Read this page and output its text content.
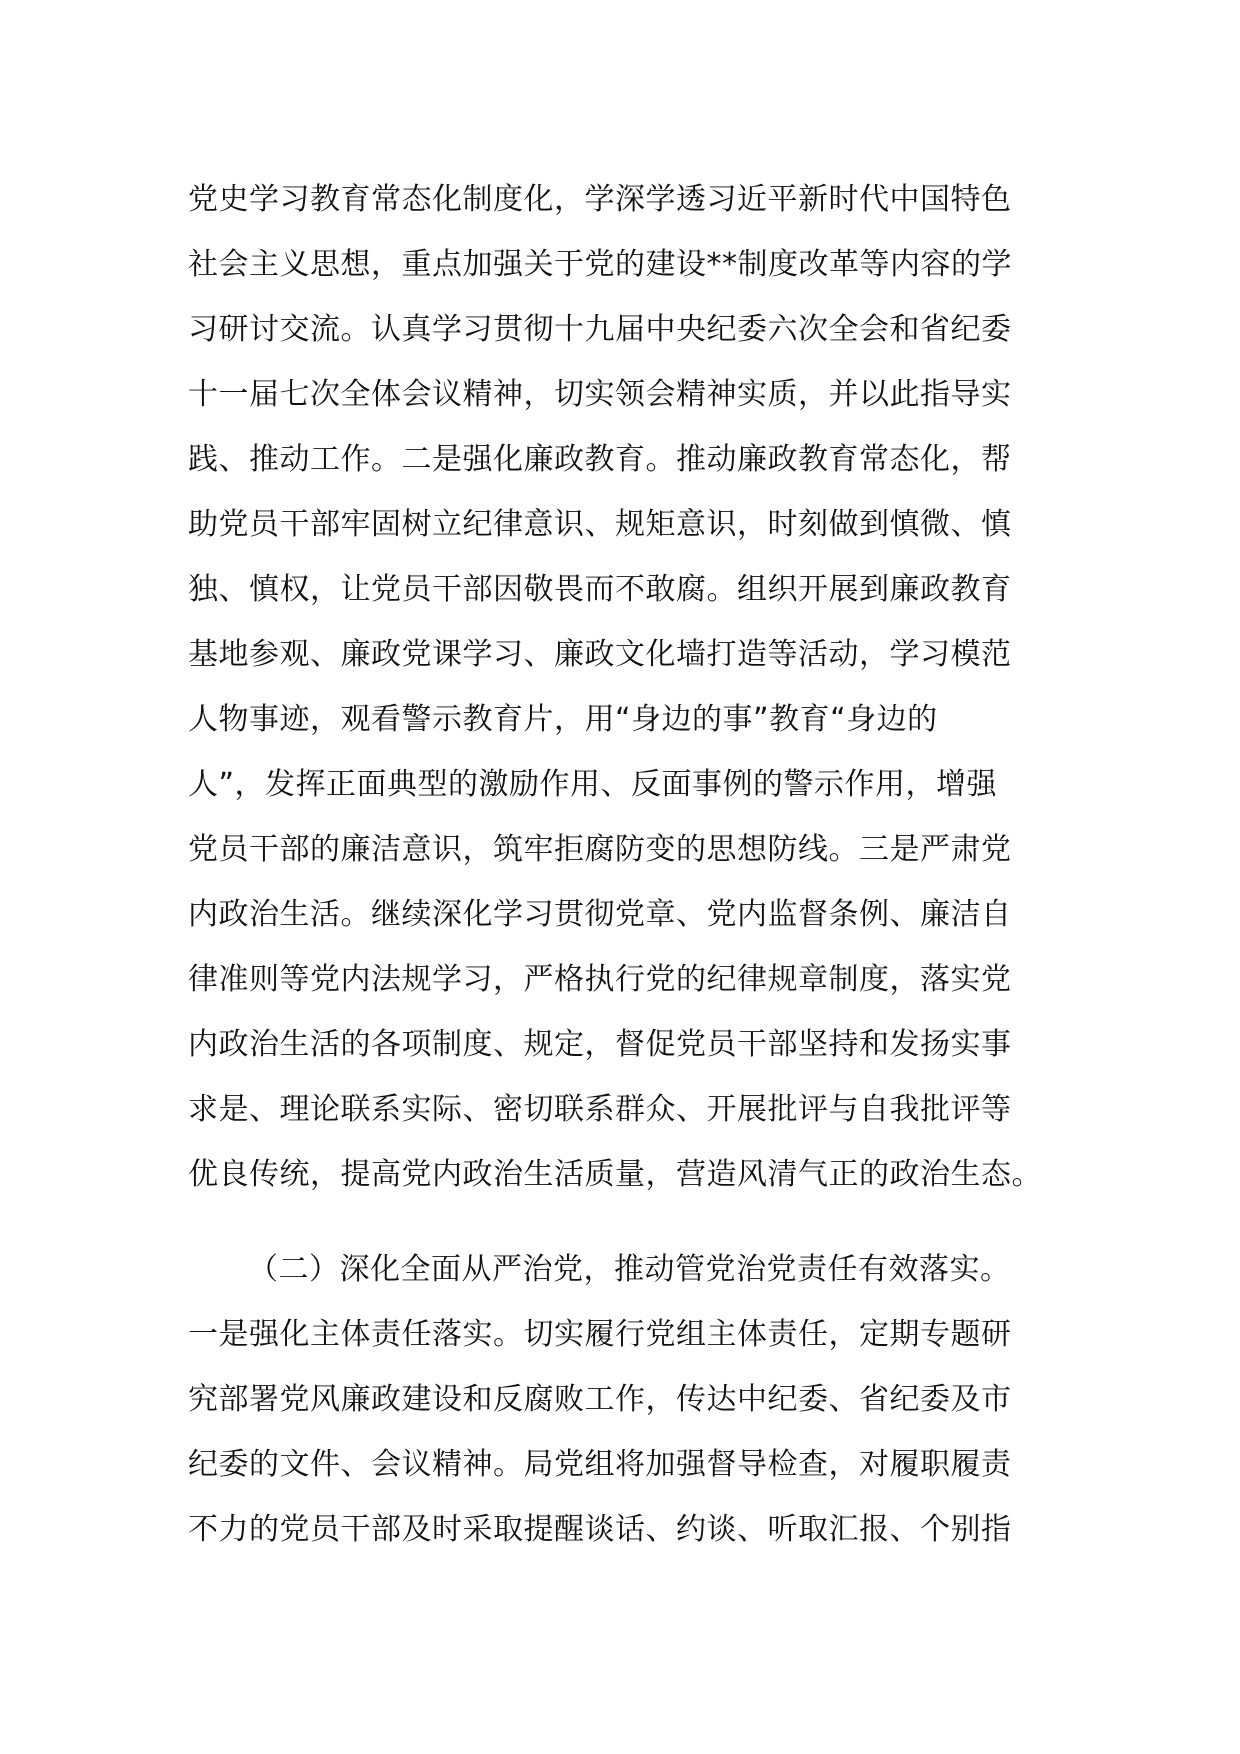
党史学习教育常态化制度化，学深学透习近平新时代中国特色
社会主义思想，重点加强关于党的建设**制度改革等内容的学
习研讨交流。认真学习贯彻十九届中央纪委六次全会和省纪委
十一届七次全体会议精神，切实领会精神实质，并以此指导实
践、推动工作。二是强化廉政教育。推动廉政教育常态化，帮
助党员干部牢固树立纪律意识、规矩意识，时刻做到慎微、慎
独、慎权，让党员干部因敬畏而不敢腐。组织开展到廉政教育
基地参观、廉政党课学习、廉政文化墙打造等活动，学习模范
人物事迹，观看警示教育片，用“身边的事”教育“身边的
人”，发挥正面典型的激励作用、反面事例的警示作用，增强
党员干部的廉洁意识，筑牢拒腐防变的思想防线。三是严肃党
内政治生活。继续深化学习贯彻党章、党内监督条例、廉洁自
律准则等党内法规学习，严格执行党的纪律规章制度，落实党
内政治生活的各项制度、规定，督促党员干部坚持和发扬实事
求是、理论联系实际、密切联系群众、开展批评与自我批评等
优良传统，提高党内政治生活质量，营造风清气正的政治生态。
（二）深化全面从严治党，推动管党治党责任有效落实。
一是强化主体责任落实。切实履行党组主体责任，定期专题研
究部署党风廉政建设和反腐败工作，传达中纪委、省纪委及市
纪委的文件、会议精神。局党组将加强督导检查，对履职履责
不力的党员干部及时采取提醒谈话、约谈、听取汇报、个别指
